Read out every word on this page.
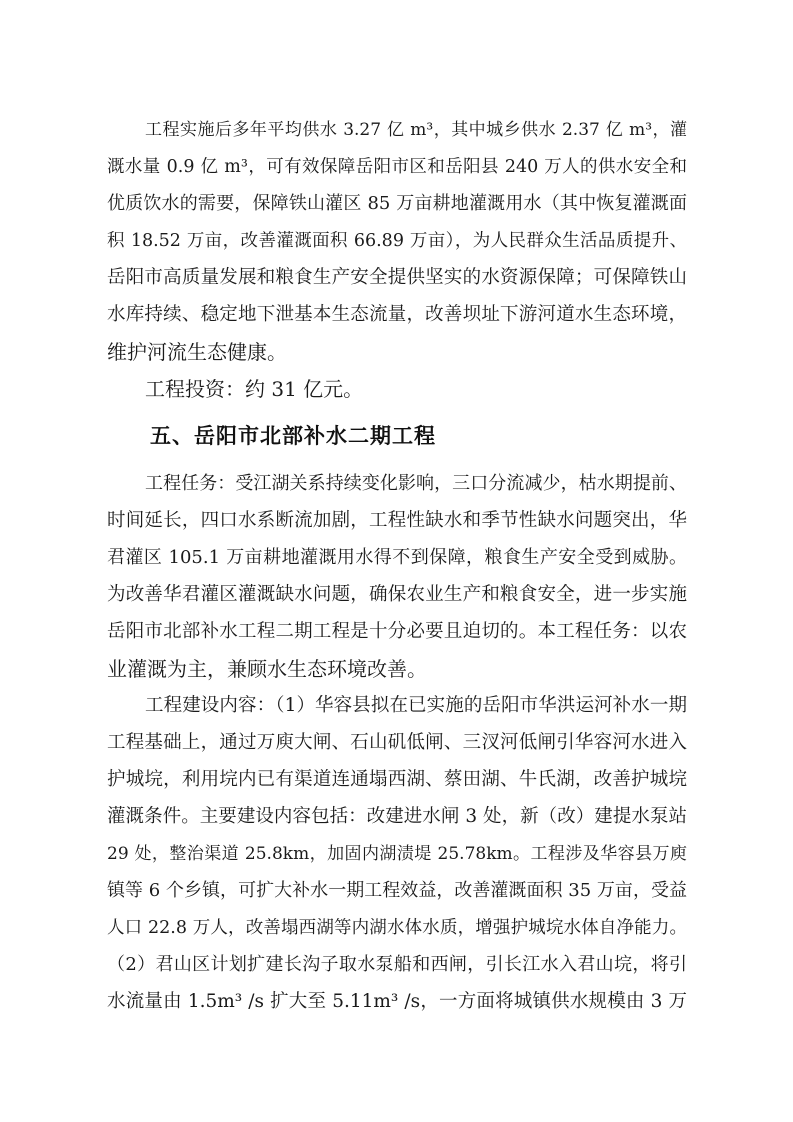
工程实施后多年平均供水 3.27 亿 m³，其中城乡供水 2.37 亿 m³，灌
溉水量 0.9 亿 m³，可有效保障岳阳市区和岳阳县 240 万人的供水安全和
优质饮水的需要，保障铁山灌区 85 万亩耕地灌溉用水（其中恢复灌溉面
积 18.52 万亩，改善灌溉面积 66.89 万亩），为人民群众生活品质提升、
岳阳市高质量发展和粮食生产安全提供坚实的水资源保障；可保障铁山
水库持续、稳定地下泄基本生态流量，改善坝址下游河道水生态环境，
维护河流生态健康。
工程投资：约 31 亿元。
五、岳阳市北部补水二期工程
工程任务：受江湖关系持续变化影响，三口分流减少，枯水期提前、
时间延长，四口水系断流加剧，工程性缺水和季节性缺水问题突出，华
君灌区 105.1 万亩耕地灌溉用水得不到保障，粮食生产安全受到威胁。
为改善华君灌区灌溉缺水问题，确保农业生产和粮食安全，进一步实施
岳阳市北部补水工程二期工程是十分必要且迫切的。本工程任务：以农
业灌溉为主，兼顾水生态环境改善。
工程建设内容：（1）华容县拟在已实施的岳阳市华洪运河补水一期
工程基础上，通过万庾大闸、石山矶低闸、三汊河低闸引华容河水进入
护城垸，利用垸内已有渠道连通塌西湖、蔡田湖、牛氏湖，改善护城垸
灌溉条件。主要建设内容包括：改建进水闸 3 处，新（改）建提水泵站
29 处，整治渠道 25.8km，加固内湖渍堤 25.78km。工程涉及华容县万庾
镇等 6 个乡镇，可扩大补水一期工程效益，改善灌溉面积 35 万亩，受益
人口 22.8 万人，改善塌西湖等内湖水体水质，增强护城垸水体自净能力。
（2）君山区计划扩建长沟子取水泵船和西闸，引长江水入君山垸，将引
水流量由 1.5m³ /s 扩大至 5.11m³ /s，一方面将城镇供水规模由 3 万
